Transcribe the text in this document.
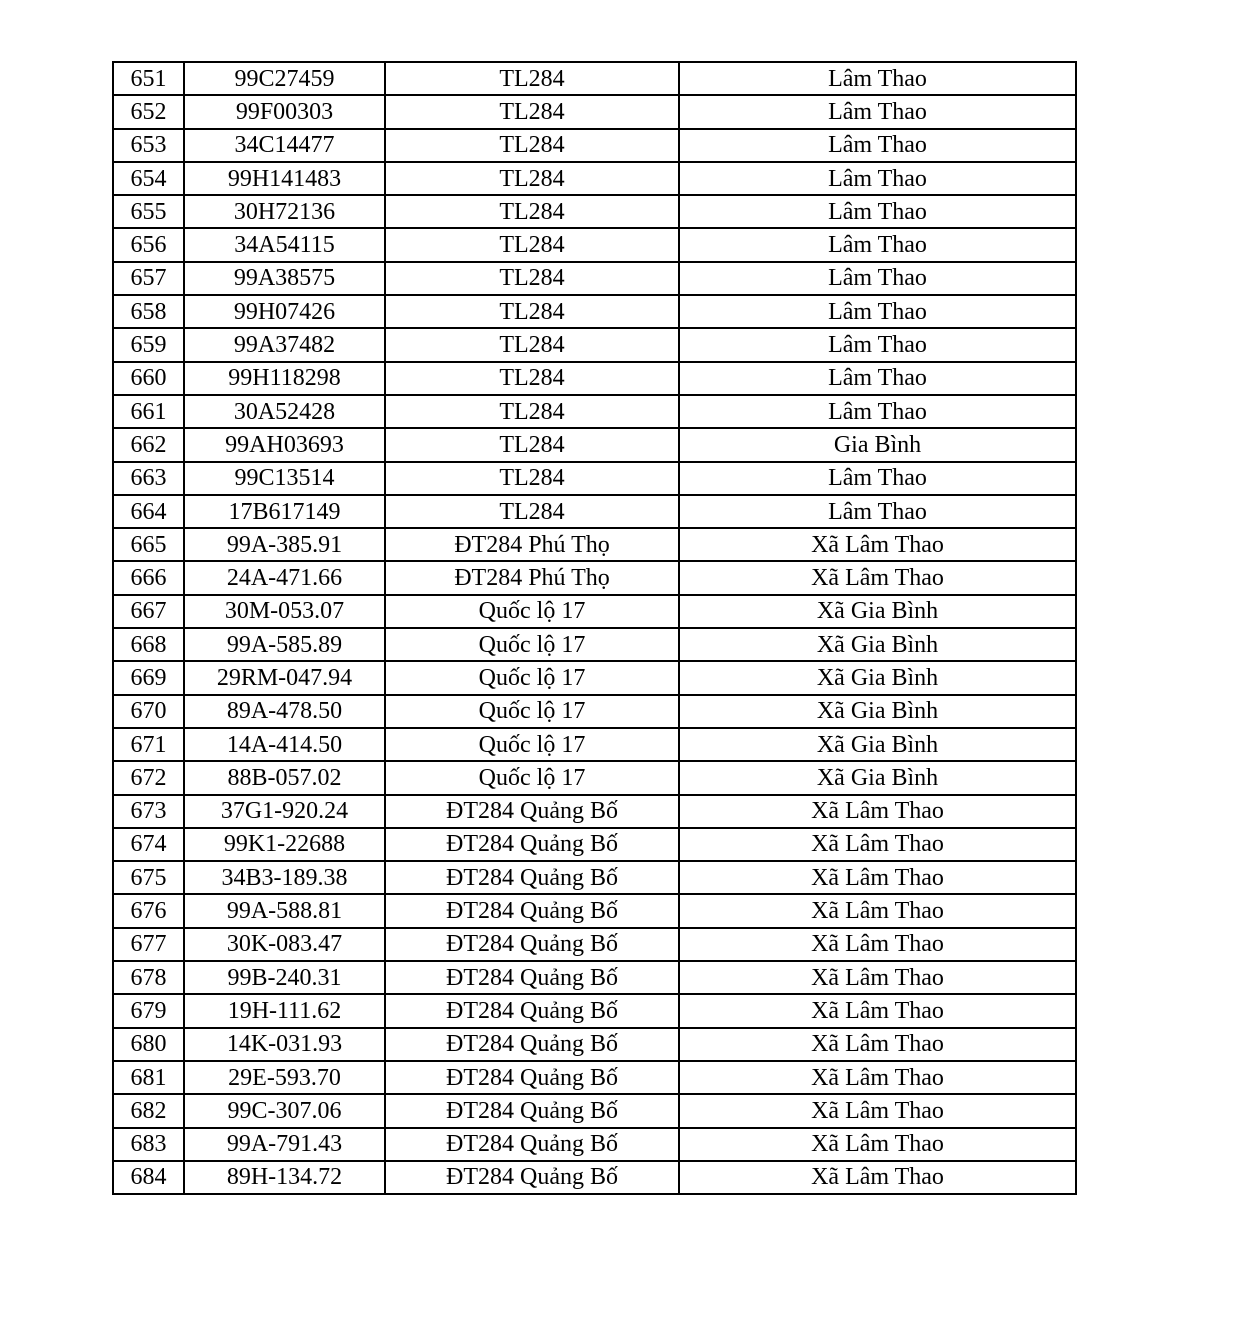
651	99C27459	TL284	Lâm Thao
652	99F00303	TL284	Lâm Thao
653	34C14477	TL284	Lâm Thao
654	99H141483	TL284	Lâm Thao
655	30H72136	TL284	Lâm Thao
656	34A54115	TL284	Lâm Thao
657	99A38575	TL284	Lâm Thao
658	99H07426	TL284	Lâm Thao
659	99A37482	TL284	Lâm Thao
660	99H118298	TL284	Lâm Thao
661	30A52428	TL284	Lâm Thao
662	99AH03693	TL284	Gia Bình
663	99C13514	TL284	Lâm Thao
664	17B617149	TL284	Lâm Thao
665	99A-385.91	ĐT284 Phú Thọ	Xã Lâm Thao
666	24A-471.66	ĐT284 Phú Thọ	Xã Lâm Thao
667	30M-053.07	Quốc lộ 17	Xã Gia Bình
668	99A-585.89	Quốc lộ 17	Xã Gia Bình
669	29RM-047.94	Quốc lộ 17	Xã Gia Bình
670	89A-478.50	Quốc lộ 17	Xã Gia Bình
671	14A-414.50	Quốc lộ 17	Xã Gia Bình
672	88B-057.02	Quốc lộ 17	Xã Gia Bình
673	37G1-920.24	ĐT284 Quảng Bố	Xã Lâm Thao
674	99K1-22688	ĐT284 Quảng Bố	Xã Lâm Thao
675	34B3-189.38	ĐT284 Quảng Bố	Xã Lâm Thao
676	99A-588.81	ĐT284 Quảng Bố	Xã Lâm Thao
677	30K-083.47	ĐT284 Quảng Bố	Xã Lâm Thao
678	99B-240.31	ĐT284 Quảng Bố	Xã Lâm Thao
679	19H-111.62	ĐT284 Quảng Bố	Xã Lâm Thao
680	14K-031.93	ĐT284 Quảng Bố	Xã Lâm Thao
681	29E-593.70	ĐT284 Quảng Bố	Xã Lâm Thao
682	99C-307.06	ĐT284 Quảng Bố	Xã Lâm Thao
683	99A-791.43	ĐT284 Quảng Bố	Xã Lâm Thao
684	89H-134.72	ĐT284 Quảng Bố	Xã Lâm Thao
